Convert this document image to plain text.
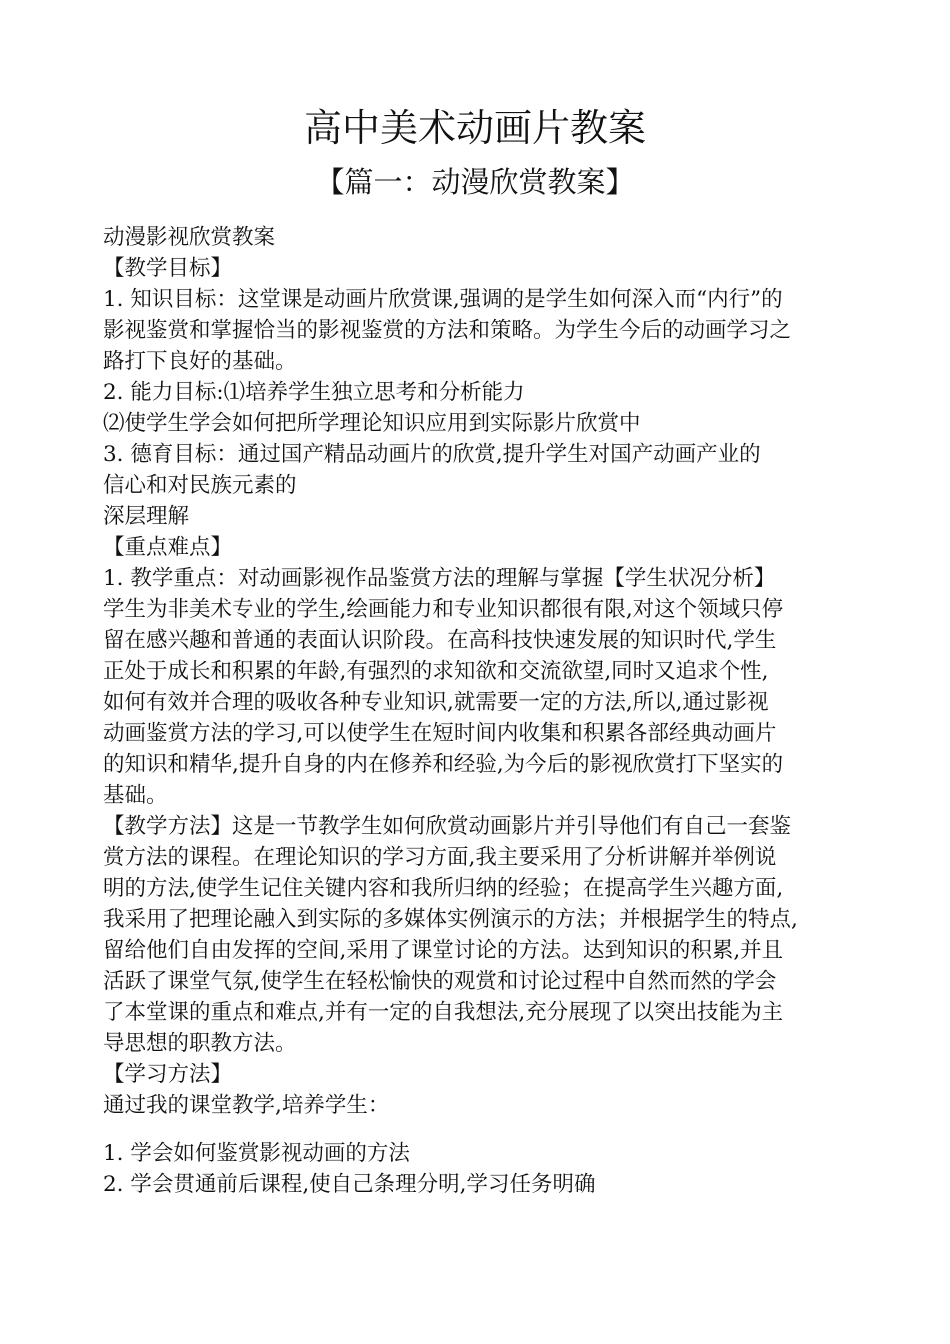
高中美术动画片教案
【篇一：动漫欣赏教案】
动漫影视欣赏教案
【教学目标】
1. 知识目标：这堂课是动画片欣赏课,强调的是学生如何深入而“内行”的
影视鉴赏和掌握恰当的影视鉴赏的方法和策略。为学生今后的动画学习之
路打下良好的基础。
2. 能力目标:⑴培养学生独立思考和分析能力
⑵使学生学会如何把所学理论知识应用到实际影片欣赏中
3. 德育目标：通过国产精品动画片的欣赏,提升学生对国产动画产业的
信心和对民族元素的
深层理解
【重点难点】
1. 教学重点：对动画影视作品鉴赏方法的理解与掌握【学生状况分析】
学生为非美术专业的学生,绘画能力和专业知识都很有限,对这个领域只停
留在感兴趣和普通的表面认识阶段。在高科技快速发展的知识时代,学生
正处于成长和积累的年龄,有强烈的求知欲和交流欲望,同时又追求个性,
如何有效并合理的吸收各种专业知识,就需要一定的方法,所以,通过影视
动画鉴赏方法的学习,可以使学生在短时间内收集和积累各部经典动画片
的知识和精华,提升自身的内在修养和经验,为今后的影视欣赏打下坚实的
基础。
【教学方法】这是一节教学生如何欣赏动画影片并引导他们有自己一套鉴
赏方法的课程。在理论知识的学习方面,我主要采用了分析讲解并举例说
明的方法,使学生记住关键内容和我所归纳的经验；在提高学生兴趣方面,
我采用了把理论融入到实际的多媒体实例演示的方法；并根据学生的特点,
留给他们自由发挥的空间,采用了课堂讨论的方法。达到知识的积累,并且
活跃了课堂气氛,使学生在轻松愉快的观赏和讨论过程中自然而然的学会
了本堂课的重点和难点,并有一定的自我想法,充分展现了以突出技能为主
导思想的职教方法。
【学习方法】
通过我的课堂教学,培养学生：
1. 学会如何鉴赏影视动画的方法
2. 学会贯通前后课程,使自己条理分明,学习任务明确
